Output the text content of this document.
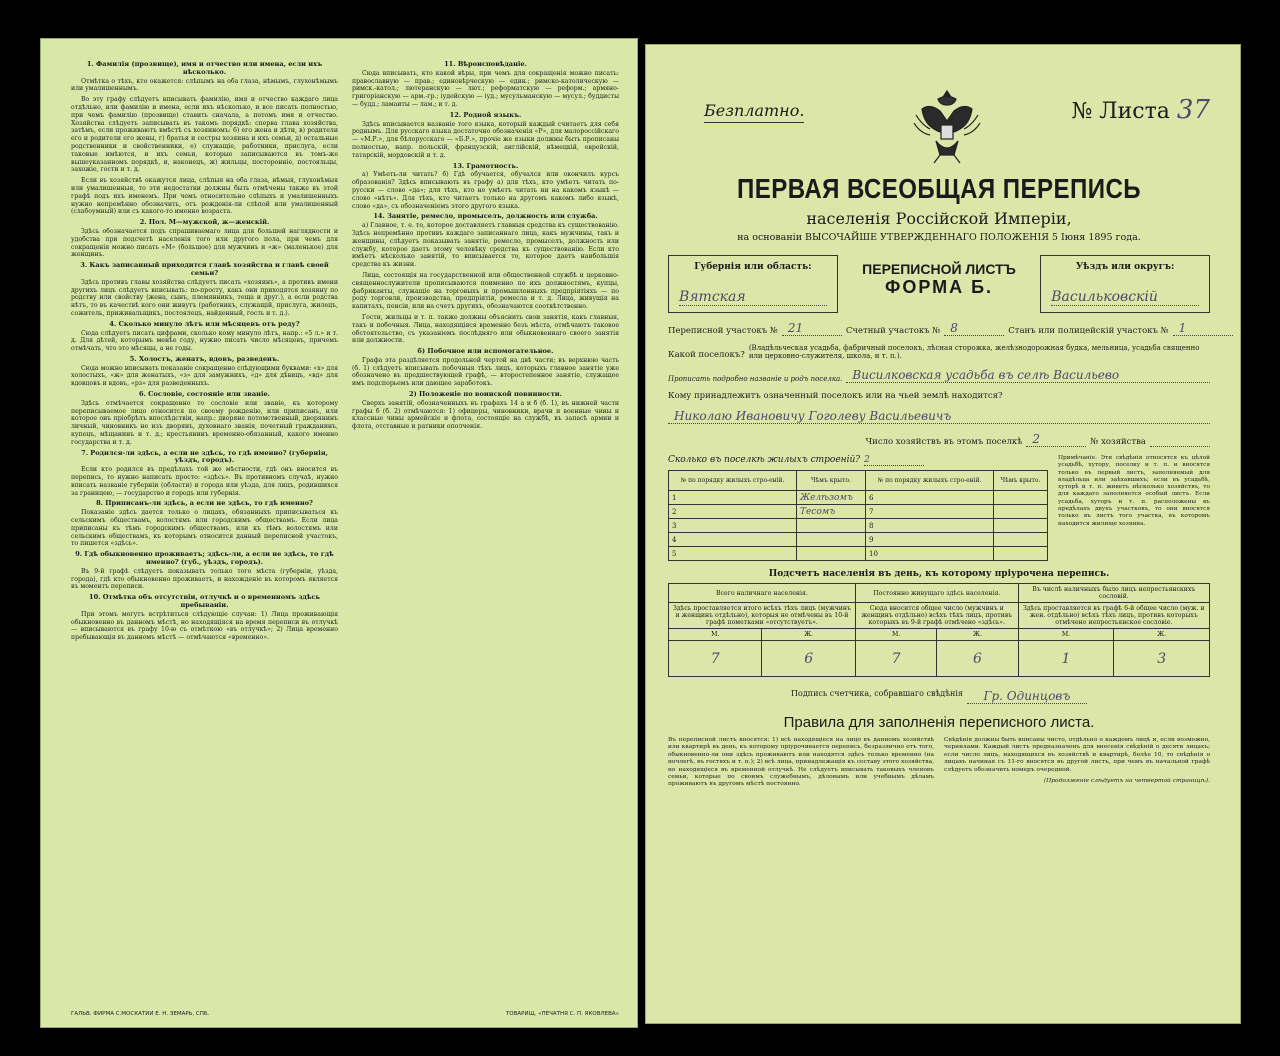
1. Фамилія (прозвище), имя и отчество или имена, если ихъ нѣсколько.

Отмѣтка о тѣхъ, кто окажется: слѣпымъ на оба глаза, нѣмымъ, глухонѣмымъ или умалишеннымъ.

Во эту графу слѣдуетъ вписывать фамилію, имя и отчество каждаго лица отдѣльно, или фамилію и имена, если ихъ нѣсколько, и все писать полностью, при чемъ фамилію (прозвище) ставить сначала, а потомъ имя и отчество. Хозяйства слѣдуетъ записывать въ такомъ порядкѣ: сперва глава хозяйства, затѣмъ, если проживаютъ вмѣстѣ съ хозяиномъ: 6) его жена и дѣти, в) родители его и родители его жены, г) братья и сестры хозяина и ихъ семьи, д) остальные родственники и свойственники, е) служащіе, работники, прислуга, если таковые имѣются, и ихъ семьи, которые записываются въ томъ-же вышеуказанномъ порядкѣ, и, наконецъ, ж) жильцы, посторонніе, постояльцы, захожіе, гости и т. д.

Если въ хозяйствѣ окажутся лица, слѣпыя на оба глаза, нѣмыя, глухонѣмыя или умалишенныя, то эти недостатки должны быть отмѣчены также въ этой графѣ подъ ихъ именемъ. При чемъ относительно слѣпыхъ и умалишенныхъ нужно непремѣнно обозначить, отъ рожденія-ли слѣпой или умалишенный (слабоумный) или съ какого-то именно возраста.

2. Пол. М—мужской, ж—женскій.

Здѣсь обозначается подъ спрашиваемаго лица для большей наглядности и удобства при подсчетѣ населенія того или другого пола, при чемъ для сокращенія можно писать «М» (большое) для мужчинъ и «ж» (маленькое) для женщинъ.

3. Какъ записанный приходится главѣ хозяйства и главѣ своей семьи?

Здѣсь противъ главы хозяйства слѣдуетъ писать «хозяинъ», а противъ имени другихъ лицъ слѣдуетъ вписывать: по-просту, какъ они приходятся хозяину по родству или свойству (жена, сынъ, племянникъ, теща и друг.), а если родства нѣтъ, то въ качествѣ кого они живутъ (работникъ, служащій, прислуга, жилецъ, сожитель, приживальщикъ, постоялецъ, найденный, гость и т. д.).

4. Сколько минуло лѣтъ или мѣсяцевъ отъ роду?

Сюда слѣдуетъ писать цифрами, сколько кому минуло лѣтъ, напр.: «5 л.» и т. д. Для дѣтей, которымъ менѣе году, нужно писать число мѣсяцевъ, причемъ отмѣчать, что это мѣсяцы, а не годы.

5. Холостъ, женатъ, вдовъ, разведенъ.

Сюда можно вписывать показаніе сокращенно слѣдующими буквами: «х» для холостыхъ, «ж» для женатыхъ, «з» для замужнихъ, «д» для дѣвицъ, «вд» для вдовцовъ и вдовъ, «рз» для разведенныхъ.

6. Сословіе, состояніе или званіе.

Здѣсь отмѣчается сокращенно то сословіе или званіе, къ которому переписываемое лицо относится по своему рожденію, или приписанъ, или которое онъ пріобрѣлъ впослѣдствіи, напр.: дворяне потомственный, дворянинъ личный, чиновникъ не изъ дворянъ, духовнаго званія, почетный гражданинъ, купецъ, мѣщанинъ и т. д.; крестьянинъ временно-обязанный, какого именно государства и т. д.

7. Родился-ли здѣсь, а если не здѣсь, то гдѣ именно? (губернія, уѣздъ, городъ).

Если кто родился въ предѣлахъ той же мѣстности, гдѣ онъ вносится въ перепись, то нужно написать просто: «здѣсь». Въ противномъ случаѣ, нужно вписать названіе губерніи (области) и города или уѣзда, для лицъ, родившихся за границею, — государство и городъ или губернія.

8. Приписанъ-ли здѣсь, а если не здѣсь, то гдѣ именно?

Показаніе здѣсь дается только о лицахъ, обязанныхъ приписываться къ сельскимъ обществамъ, волостямъ или городскимъ обществамъ. Если лица приписаны къ тѣмъ городскимъ обществамъ, или къ тѣмъ волостямъ или сельскимъ обществамъ, къ которымъ относится данный переписной участокъ, то пишется «здѣсь».

9. Гдѣ обыкновенно проживаетъ; здѣсь-ли, а если не здѣсь, то гдѣ именно? (губ., уѣздъ, городъ).

Въ 9-й графѣ слѣдуетъ показывать только того мѣста (губерніи, уѣзда, города), гдѣ кто обыкновенно проживаетъ, и нахожденіе въ которомъ является въ моментъ переписи.

10. Отмѣтка объ отсутствіи, отлучкѣ и о временномъ здѣсь пребываніи.

При этомъ могутъ встрѣтиться слѣдующіе случаи: 1) Лица проживающія обыкновенно въ данномъ мѣстѣ, но находящіяся на время переписи въ отлучкѣ — вписываются въ графу 10-ю съ отмѣткою «въ отлучкѣ»; 2) Лица временно пребывающія въ данномъ мѣстѣ — отмѣчаются «временно».

11. Вѣроисповѣданіе.

Сюда вписывать, кто какой вѣры, при чемъ для сокращенія можно писать: православную — прав.; единовѣрческую — един.; римско-католическую — римск.-катол.; лютеранскую — лют.; реформатскую — реформ.; армяно-григоріанскую — арм.-гр.; іудейскую — іуд.; мусульманскую — мусул.; буддисты — будд.; ламаиты — лам.; и т. д.

12. Родной языкъ.

Здѣсь вписывается названіе того языка, который каждый считаетъ для себя роднымъ. Для русскаго языка достаточно обозначенія «Р», для малороссійскаго — «М.Р.», для бѣлорусскаго — «Б.Р.», прочіе же языки должны быть прописаны полностью, напр. польскій, французскій, англійскій, нѣмецкій, еврейскій, татарскій, мордовскій и т. д.

13. Грамотность.

а) Умѣеть-ли читать? б) Гдѣ обучается, обучался или окончилъ курсъ образованія? Здѣсь вписывають въ графу а) для тѣхъ, кто умѣетъ читать по-русски — слово «да»; для тѣхъ, кто не умѣетъ читать ни на какомъ языкѣ — слово «нѣтъ». Для тѣхъ, кто читаетъ только на другомъ какомъ либо языкѣ, слово «да», съ обозначеніемъ этого другого языка.

14. Занятіе, ремесло, промыселъ, должность или служба.

а) Главное, т. е. то, которое доставляетъ главныя средства къ существованію. Здѣсь непремѣнно противъ каждаго записаннаго лица, какъ мужчины, такъ и женщины, слѣдуетъ показывать занятіе, ремесло, промыселъ, должность или службу, которое даетъ этому человѣку средства къ существованію. Если кто имѣетъ нѣсколько занятій, то вписывается то, которое даетъ наибольшія средства къ жизни.

Лица, состоящія на государственной или общественной службѣ и церковно-священнослужители прописываются поименно по ихъ должностямъ, купцы, фабриканты, служащіе на торговыхъ и промышленныхъ предпріятіяхъ — по роду торговли, производства, предпріятія, ремесла и т. д. Лица, живущія на капиталъ, пенсіи, или на счетъ другихъ, обозначаются соотвѣтственно.

Гости, жильцы и т. п. также должны объяснить свои занятія, какъ главныя, такъ и побочныя. Лица, находящіяся временно безъ мѣста, отмѣчаютъ таковое обстоятельство, съ указаніемъ послѣдняго или обыкновеннаго своего занятія или должности.

б) Побочное или вспомогательное.

Графа эта раздѣляется продольной чертой на двѣ части; въ верхнюю часть (б. 1) слѣдуетъ вписывать побочныя тѣхъ лицъ, которыхъ главное занятіе уже обозначено въ предшествующей графѣ, — второстепенное занятіе, служащее имъ подспорьемъ или дающее заработокъ.

2) Положеніе по воинской повинности.

Сверхъ занятій, обозначенныхъ въ графахъ 14 а и б (б. 1), въ нижней части графы б (б. 2) отмѣчаются: 1) офицеры, чиновники, врачи и военные чины и классные чины армейскіе и флота, состоящіе на службѣ, въ запасѣ армии и флота, отставные и ратники ополченія.

ГАЛЬВ. ФИРМА С.МОСКАТИИ Е. Н. ЗЕМАРЬ, СПБ.	ТОВАРИЩ. «ПЕЧАТНЯ С. П. ЯКОВЛЕВА»
Безплатно.	№ Листа 37
ПЕРВАЯ ВСЕОБЩАЯ ПЕРЕПИСЬ
населенія Россійской Имперіи,
на основаніи ВЫСОЧАЙШЕ УТВЕРЖДЕННАГО ПОЛОЖЕНІЯ 5 Іюня 1895 года.
Губернія или область:
Вятская
ПЕРЕПИСНОЙ ЛИСТЪ
ФОРМА Б.
Уѣздъ или округъ:
Васильковскій
Переписной участокъ № 21	Счетный участокъ № 8	Станъ или полицейскій участокъ № 1
Какой поселокъ?
(Владѣльческая усадьба, фабричный поселокъ, лѣсная сторожка, желѣзнодорожная будка, мельница, усадьба священно или церковно-служителя, школа, и т. п.).
Прописать подробно названіе и родъ поселка. Висилковская усадьба въ селѣ Васильево
Кому принадлежитъ означенный поселокъ или на чьей землѣ находится?
Николаю Ивановичу Гоголеву Васильевичъ
Число хозяйствъ въ этомъ поселкѣ 2	№ хозяйства
Сколько въ поселкѣ жилыхъ строеній? 2
№ по порядку жилыхъ стро-еній.	Чѣмъ крыто.	№ по порядку жилыхъ стро-еній.	Чѣмъ крыто.
1	Желѣзомъ	6	
2	Тесомъ	7	
3		8	
4		9	
5		10	
Примѣчаніе. Эти свѣдѣнія относятся къ цѣлой усадьбѣ, хутору, поселку и т. п. и вносятся только въ первый листъ, заполняемый для владѣльца или заѣхавшихъ; если въ усадьбѣ, хуторѣ и т. п. живетъ нѣсколько хозяйствъ, то для каждаго заполняется особый листъ. Если усадьба, хуторъ и т. п. расположены въ предѣлахъ двухъ участковъ, то они вносятся только въ листъ того участка, въ которомъ находится жилище хозяина.
Подсчетъ населенія въ день, къ которому пріурочена перепись.
Всего наличнаго населенія.		Постоянно живущаго здѣсь населенія.		Въ числѣ наличныхъ было лицъ непрестьянскихъ сословій.	
Здѣсь проставляется итого всѣхъ тѣхъ лицъ (мужчинъ и женщинъ отдѣльно), которыя не отмѣчены въ 10-й графѣ пометками «отсутствуетъ».		Сюда вносится общее число (мужчинъ и женщинъ отдѣльно) всѣхъ тѣхъ лицъ, противъ которыхъ въ 9-й графѣ отмѣчено «здѣсь».		Здѣсь проставляется въ графѣ 6-й общее число (муж. и жен. отдѣльно) всѣхъ тѣхъ лицъ, противъ которыхъ отмѣчено непрестьянское сословіе.	
М.	Ж.	М.	Ж.	М.	Ж.
7	6	7	6	1	3
Подпись счетчика, собравшаго свѣдѣнія	Гр. Одинцовъ
Правила для заполненія переписного листа.
Въ переписной листъ вносятся: 1) всѣ находящіеся на лицо въ данномъ хозяйствѣ или квартирѣ въ день, къ которому пріурочивается перепись, безразлично отъ того, обыкновенно-ли они здѣсь проживаютъ или находятся здѣсь только временно (на ночлегѣ, въ гостяхъ и т. п.); 2) всѣ лица, принадлежащія къ составу этого хозяйства, но находящіеся въ временной отлучкѣ. Не слѣдуетъ вписывать таковыхъ членовъ семьи, которые по своимъ служебнымъ, дѣловымъ или учебнымъ дѣламъ проживаютъ въ другомъ мѣстѣ постоянно.
Свѣдѣнія должны быть вписаны чисто, отдѣльно о каждомъ лицѣ и, если возможно, чернилами. Каждый листъ предназначенъ для внесенія свѣдѣній о десяти лицахъ; если число лицъ, находящихся въ хозяйствѣ и квартирѣ, болѣе 10, то свѣдѣнія о лицахъ начиная съ 11-го вносятся въ другой листъ, при чемъ въ начальной графѣ слѣдуетъ обозначить номеръ очередной.
(Продолженіе слѣдуетъ на четвертой страницѣ).
